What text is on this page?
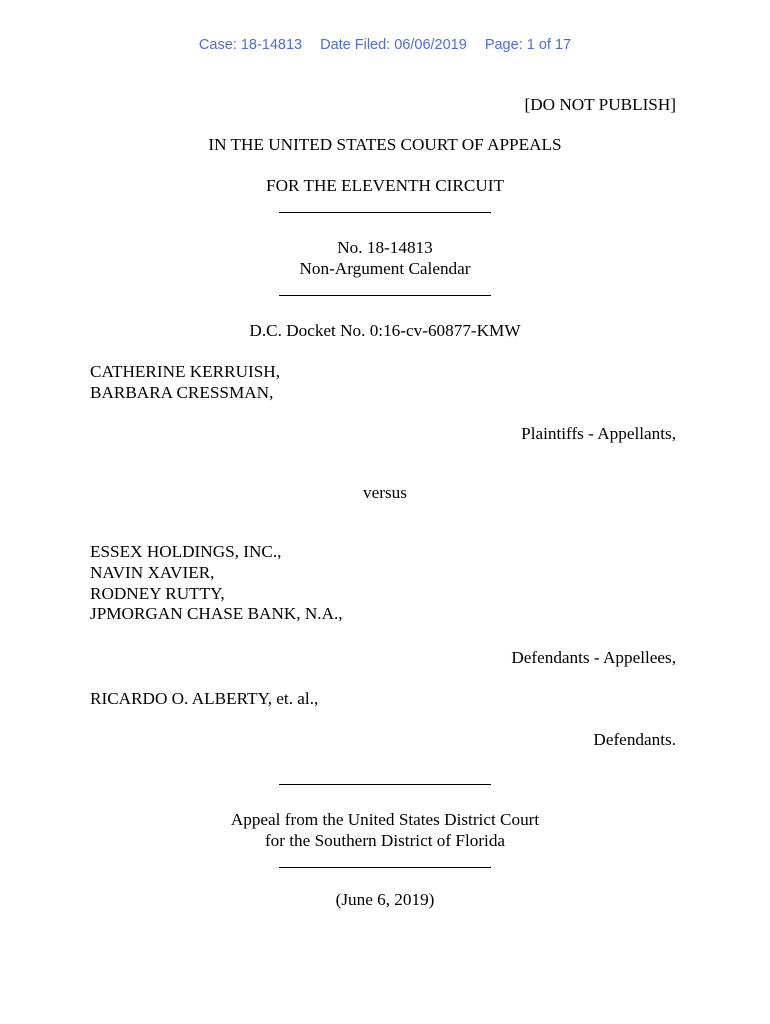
Case: 18-14813 Date Filed: 06/06/2019 Page: 1 of 17
[DO NOT PUBLISH]
IN THE UNITED STATES COURT OF APPEALS
FOR THE ELEVENTH CIRCUIT
No. 18-14813
Non-Argument Calendar
D.C. Docket No. 0:16-cv-60877-KMW
CATHERINE KERRUISH,
BARBARA CRESSMAN,
Plaintiffs - Appellants,
versus
ESSEX HOLDINGS, INC.,
NAVIN XAVIER,
RODNEY RUTTY,
JPMORGAN CHASE BANK, N.A.,
Defendants - Appellees,
RICARDO O. ALBERTY, et. al.,
Defendants.
Appeal from the United States District Court
for the Southern District of Florida
(June 6, 2019)
